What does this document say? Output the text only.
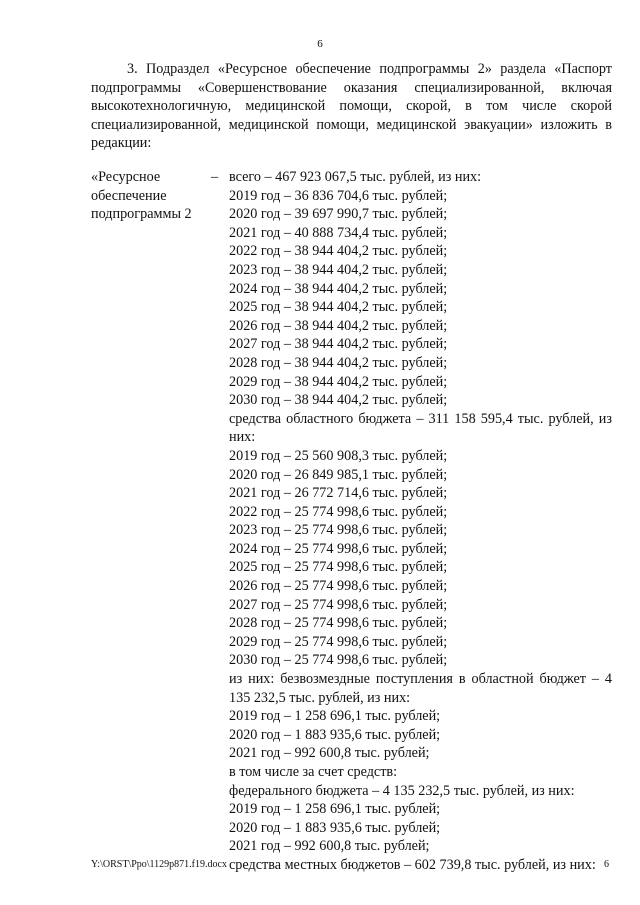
6

3. Подраздел «Ресурсное обеспечение подпрограммы 2» раздела «Паспорт подпрограммы «Совершенствование оказания специализированной, включая высокотехнологичную, медицинской помощи, скорой, в том числе скорой специализированной, медицинской помощи, медицинской эвакуации» изложить в редакции:

«Ресурсное
обеспечение
подпрограммы 2
– всего – 467 923 067,5 тыс. рублей, из них:
2019 год – 36 836 704,6 тыс. рублей;
2020 год – 39 697 990,7 тыс. рублей;
2021 год – 40 888 734,4 тыс. рублей;
2022 год – 38 944 404,2 тыс. рублей;
2023 год – 38 944 404,2 тыс. рублей;
2024 год – 38 944 404,2 тыс. рублей;
2025 год – 38 944 404,2 тыс. рублей;
2026 год – 38 944 404,2 тыс. рублей;
2027 год – 38 944 404,2 тыс. рублей;
2028 год – 38 944 404,2 тыс. рублей;
2029 год – 38 944 404,2 тыс. рублей;
2030 год – 38 944 404,2 тыс. рублей;
средства областного бюджета – 311 158 595,4 тыс. рублей, из них:
2019 год – 25 560 908,3 тыс. рублей;
2020 год – 26 849 985,1 тыс. рублей;
2021 год – 26 772 714,6 тыс. рублей;
2022 год – 25 774 998,6 тыс. рублей;
2023 год – 25 774 998,6 тыс. рублей;
2024 год – 25 774 998,6 тыс. рублей;
2025 год – 25 774 998,6 тыс. рублей;
2026 год – 25 774 998,6 тыс. рублей;
2027 год – 25 774 998,6 тыс. рублей;
2028 год – 25 774 998,6 тыс. рублей;
2029 год – 25 774 998,6 тыс. рублей;
2030 год – 25 774 998,6 тыс. рублей;
из них: безвозмездные поступления в областной бюджет – 4 135 232,5 тыс. рублей, из них:
2019 год – 1 258 696,1 тыс. рублей;
2020 год – 1 883 935,6 тыс. рублей;
2021 год – 992 600,8 тыс. рублей;
в том числе за счет средств:
федерального бюджета – 4 135 232,5 тыс. рублей, из них:
2019 год – 1 258 696,1 тыс. рублей;
2020 год – 1 883 935,6 тыс. рублей;
2021 год – 992 600,8 тыс. рублей;
средства местных бюджетов – 602 739,8 тыс. рублей, из них:
Y:\ORST\Ppo\1129p871.f19.docx	6
